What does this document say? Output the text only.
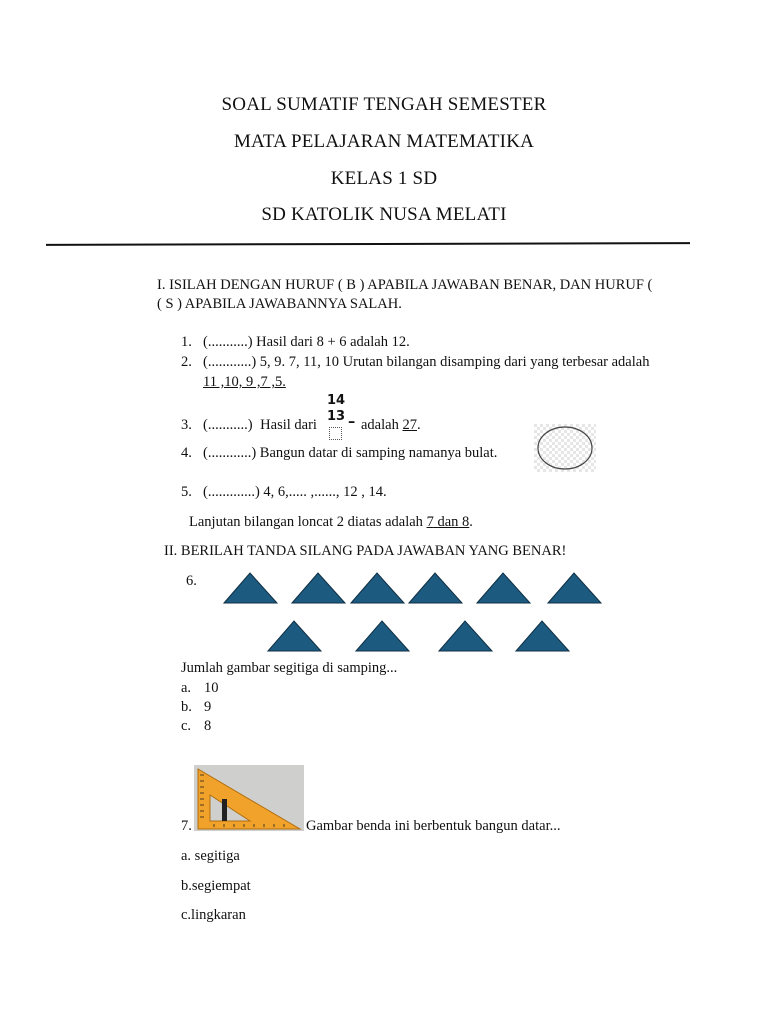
SOAL SUMATIF TENGAH SEMESTER
MATA PELAJARAN MATEMATIKA
KELAS 1 SD
SD KATOLIK NUSA MELATI
I. ISILAH DENGAN HURUF ( B ) APABILA JAWABAN BENAR, DAN HURUF (
( S ) APABILA JAWABANNYA SALAH.
1. (...........) Hasil dari 8 + 6 adalah 12.
2. (............) 5, 9. 7, 11, 10 Urutan bilangan disamping dari yang terbesar adalah
11 ,10, 9 ,7 ,5.
14
3. (...........) Hasil dari
13 – adalah 27.
4. (............) Bangun datar di samping namanya bulat.
5. (.............) 4, 6,..... ,......, 12 , 14.
Lanjutan bilangan loncat 2 diatas adalah 7 dan 8.
II. BERILAH TANDA SILANG PADA JAWABAN YANG BENAR!
6.
Jumlah gambar segitiga di samping...
a. 10
b. 9
c. 8
7.	Gambar benda ini berbentuk bangun datar...
a. segitiga
b.segiempat
c.lingkaran
